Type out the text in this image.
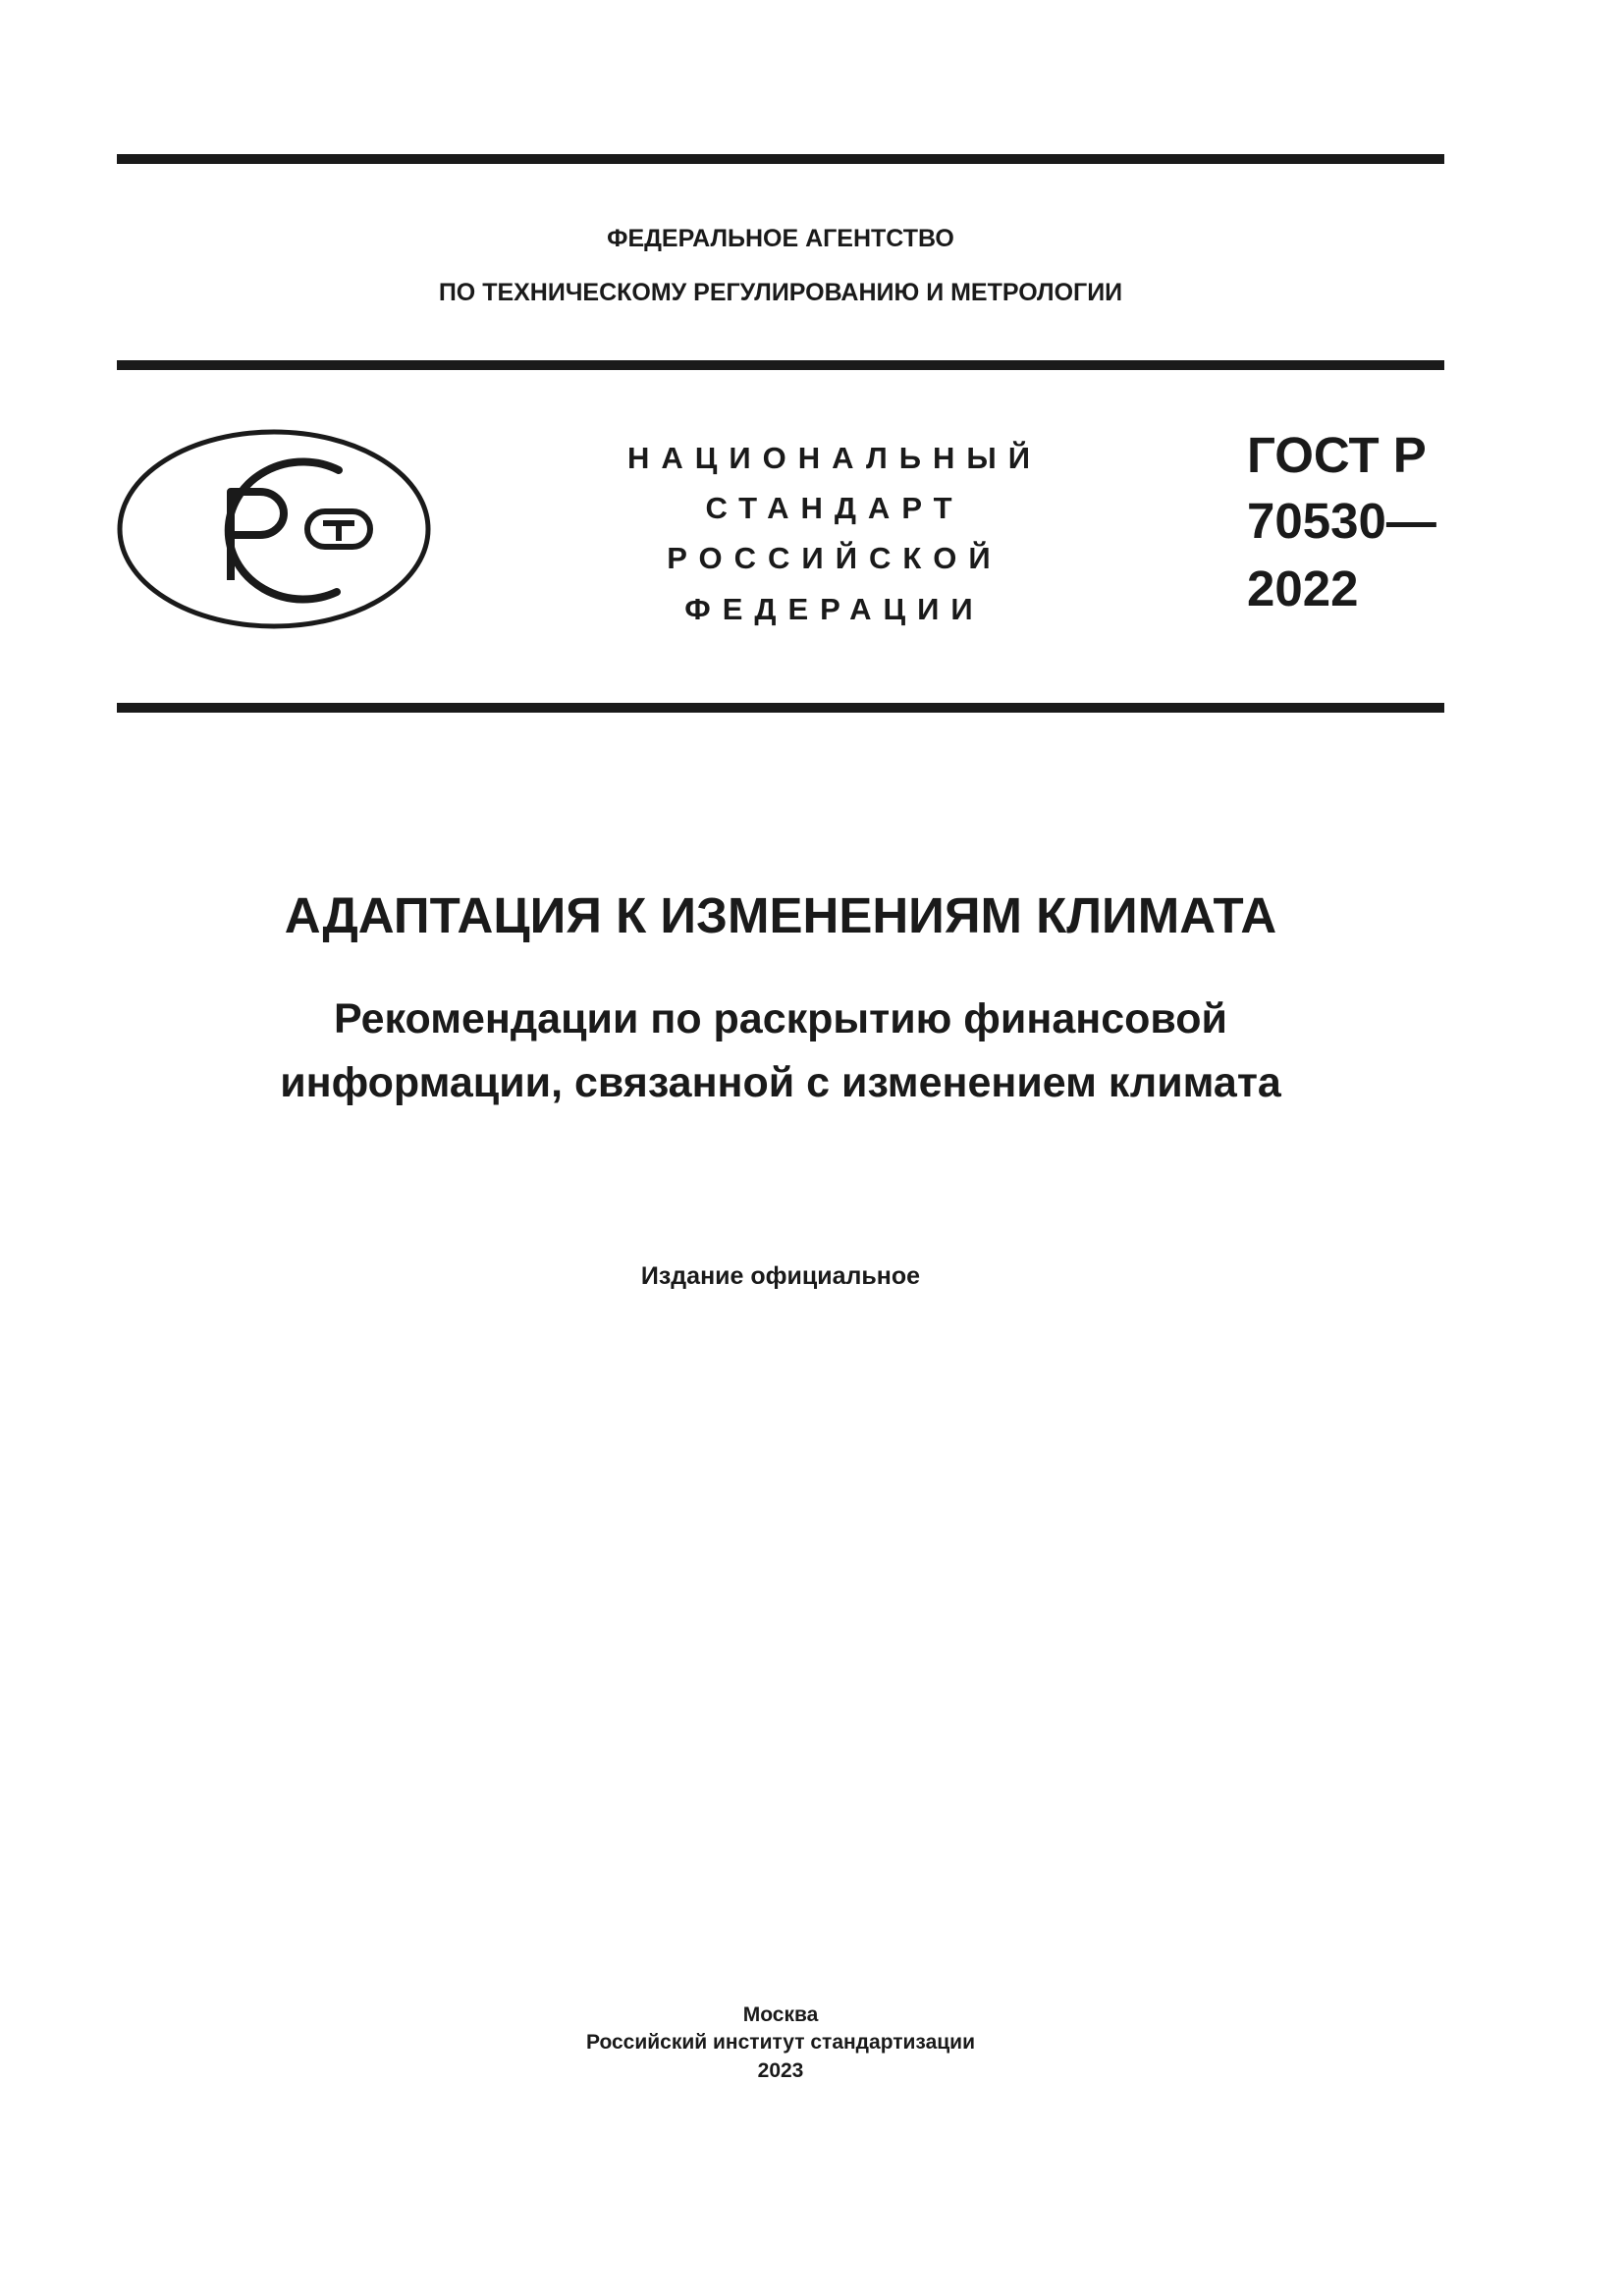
ФЕДЕРАЛЬНОЕ АГЕНТСТВО
ПО ТЕХНИЧЕСКОМУ РЕГУЛИРОВАНИЮ И МЕТРОЛОГИИ
НАЦИОНАЛЬНЫЙ
СТАНДАРТ
РОССИЙСКОЙ
ФЕДЕРАЦИИ
ГОСТ Р
70530—
2022
АДАПТАЦИЯ К ИЗМЕНЕНИЯМ КЛИМАТА
Рекомендации по раскрытию финансовой
информации, связанной с изменением климата
Издание официальное
Москва
Российский институт стандартизации
2023
